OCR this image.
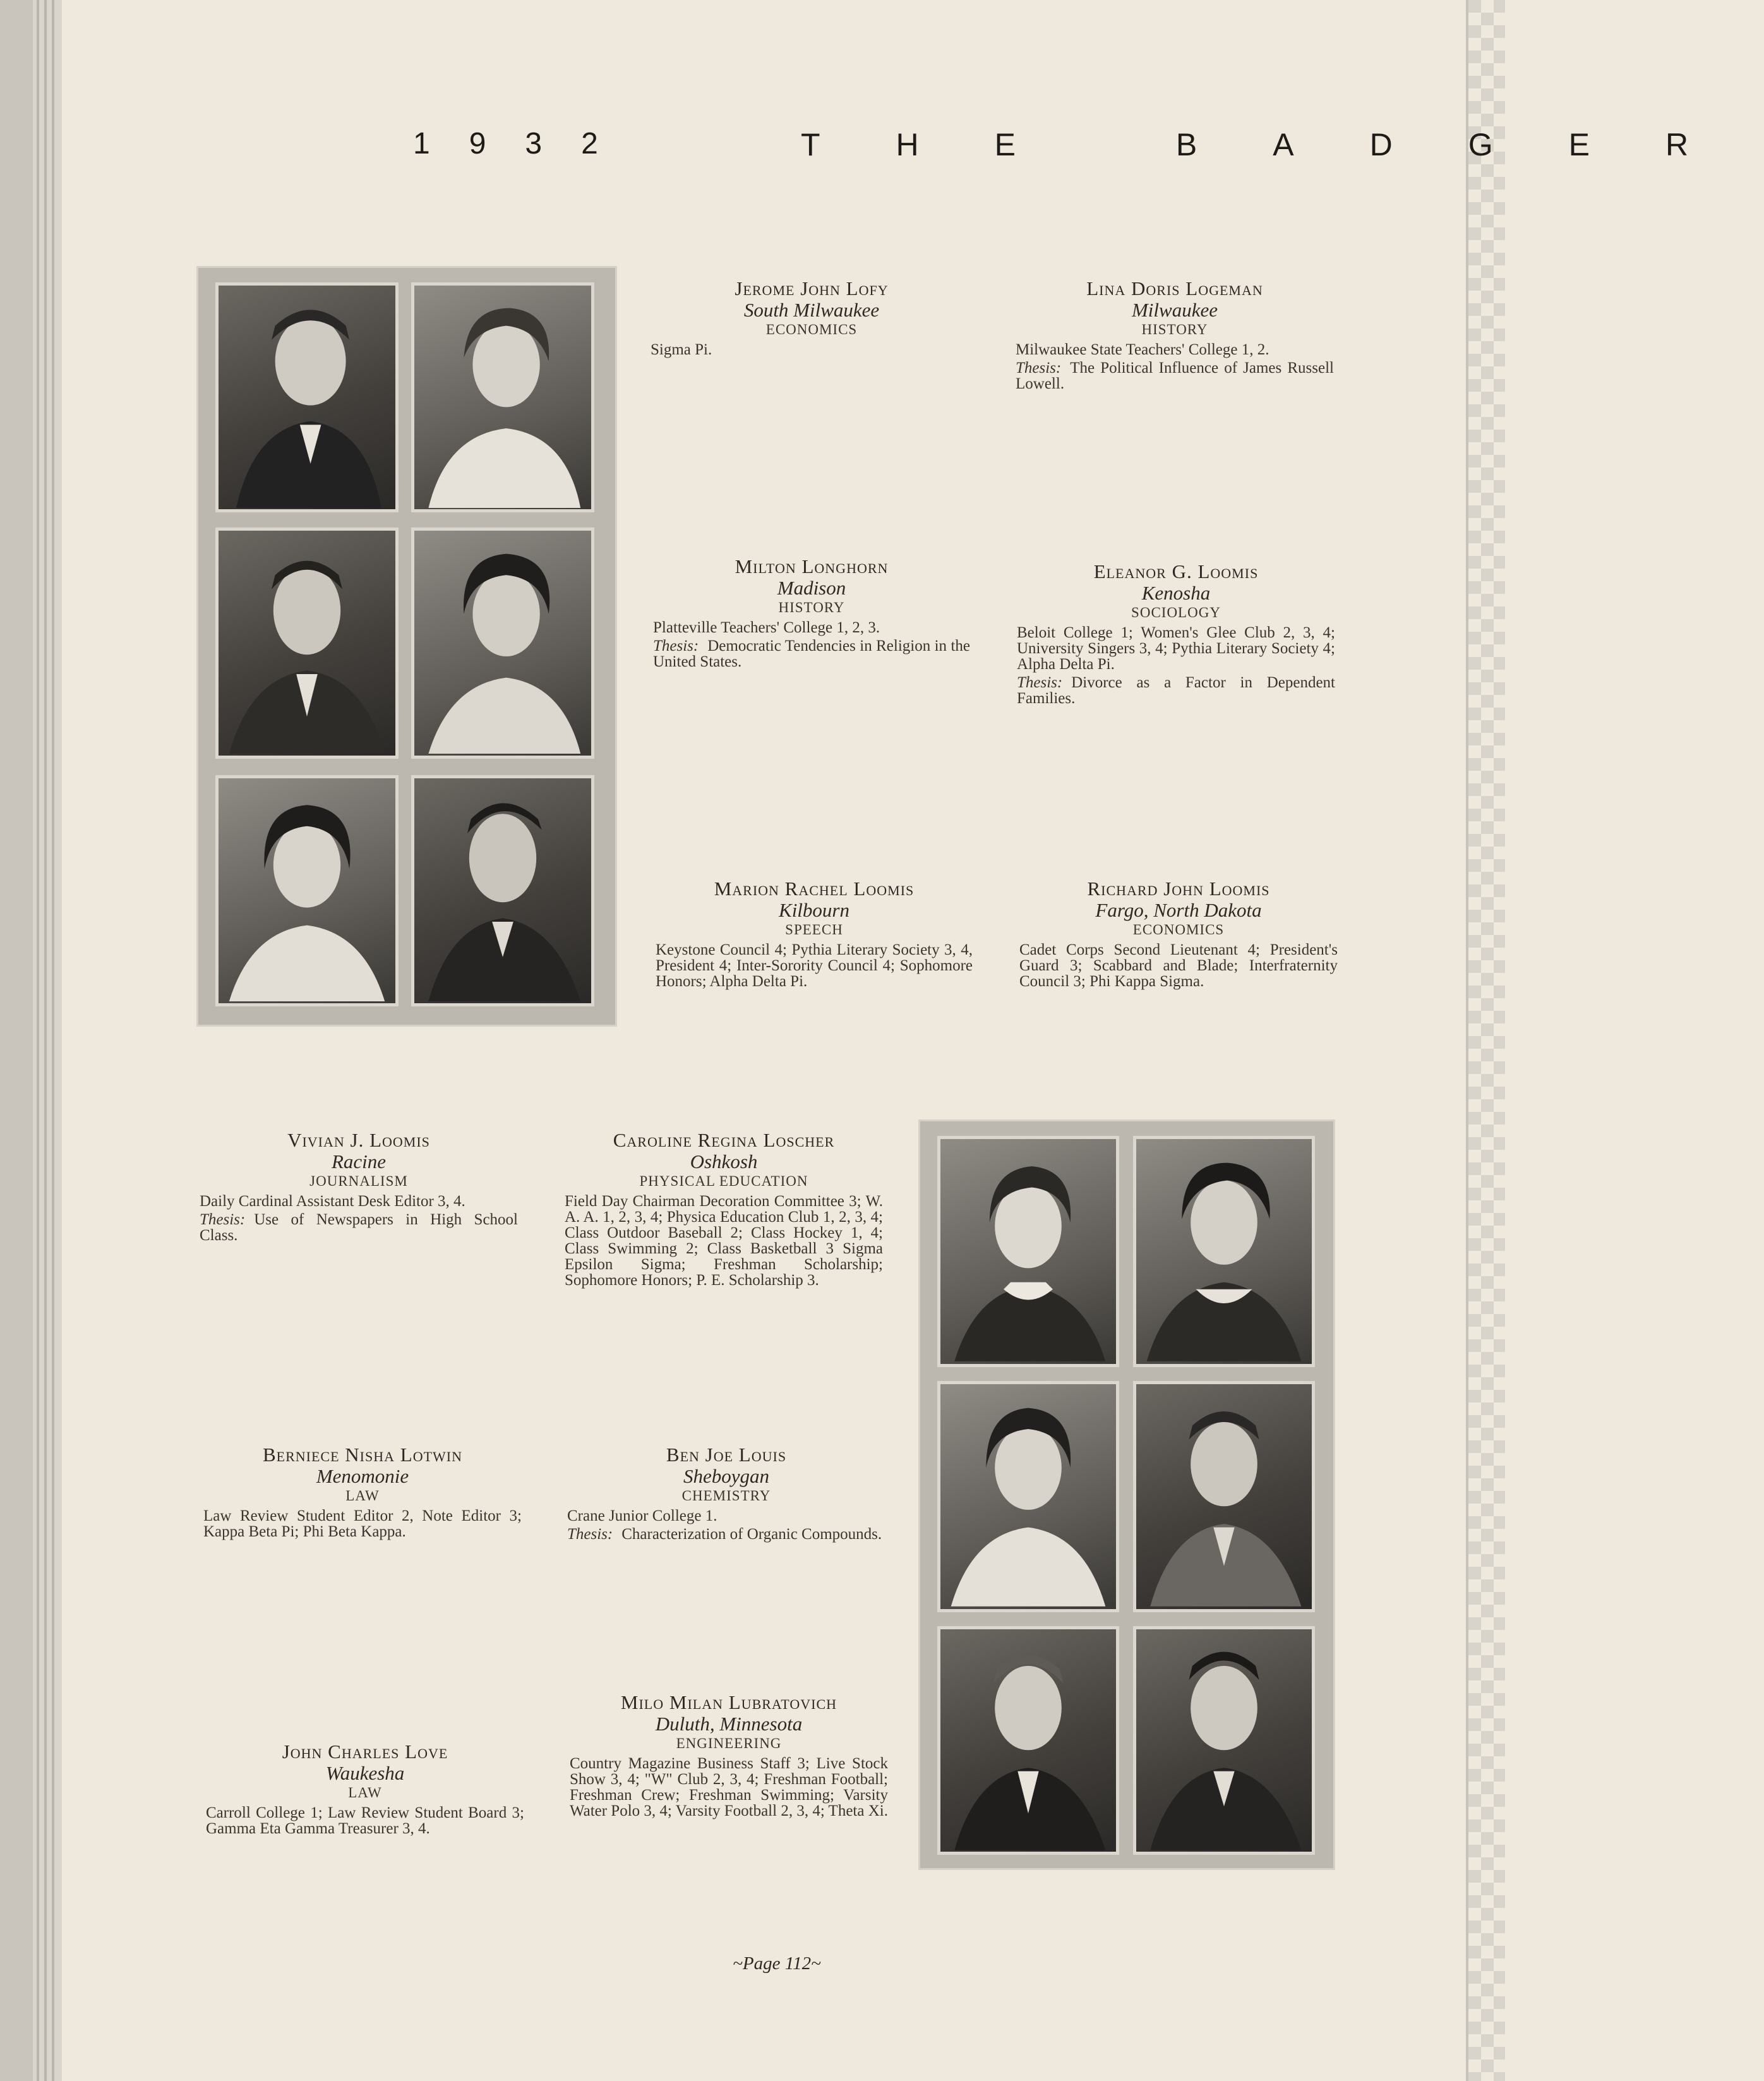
1932	THE BADGER
Jerome John Lofy
South Milwaukee
ECONOMICS
Sigma Pi.
Lina Doris Logeman
Milwaukee
HISTORY
Milwaukee State Teachers' College 1, 2.
Thesis: The Political Influence of James Russell Lowell.
Milton Longhorn
Madison
HISTORY
Platteville Teachers' College 1, 2, 3.
Thesis: Democratic Tendencies in Religion in the United States.
Eleanor G. Loomis
Kenosha
SOCIOLOGY
Beloit College 1; Women's Glee Club 2, 3, 4; University Singers 3, 4; Pythia Literary Society 4; Alpha Delta Pi.
Thesis: Divorce as a Factor in Dependent Families.
Marion Rachel Loomis
Kilbourn
SPEECH
Keystone Council 4; Pythia Literary Society 3, 4, President 4; Inter-Sorority Council 4; Sophomore Honors; Alpha Delta Pi.
Richard John Loomis
Fargo, North Dakota
ECONOMICS
Cadet Corps Second Lieutenant 4; President's Guard 3; Scabbard and Blade; Interfraternity Council 3; Phi Kappa Sigma.
Vivian J. Loomis
Racine
JOURNALISM
Daily Cardinal Assistant Desk Editor 3, 4.
Thesis: Use of Newspapers in High School Class.
Caroline Regina Loscher
Oshkosh
PHYSICAL EDUCATION
Field Day Chairman Decoration Committee 3; W. A. A. 1, 2, 3, 4; Physica Education Club 1, 2, 3, 4; Class Outdoor Baseball 2; Class Hockey 1, 4; Class Swimming 2; Class Basketball 3 Sigma Epsilon Sigma; Freshman Scholarship; Sophomore Honors; P. E. Scholarship 3.
Berniece Nisha Lotwin
Menomonie
LAW
Law Review Student Editor 2, Note Editor 3; Kappa Beta Pi; Phi Beta Kappa.
Ben Joe Louis
Sheboygan
CHEMISTRY
Crane Junior College 1.
Thesis: Characterization of Organic Compounds.
John Charles Love
Waukesha
LAW
Carroll College 1; Law Review Student Board 3; Gamma Eta Gamma Treasurer 3, 4.
Milo Milan Lubratovich
Duluth, Minnesota
ENGINEERING
Country Magazine Business Staff 3; Live Stock Show 3, 4; "W" Club 2, 3, 4; Freshman Football; Freshman Crew; Freshman Swimming; Varsity Water Polo 3, 4; Varsity Football 2, 3, 4; Theta Xi.
~Page 112~
